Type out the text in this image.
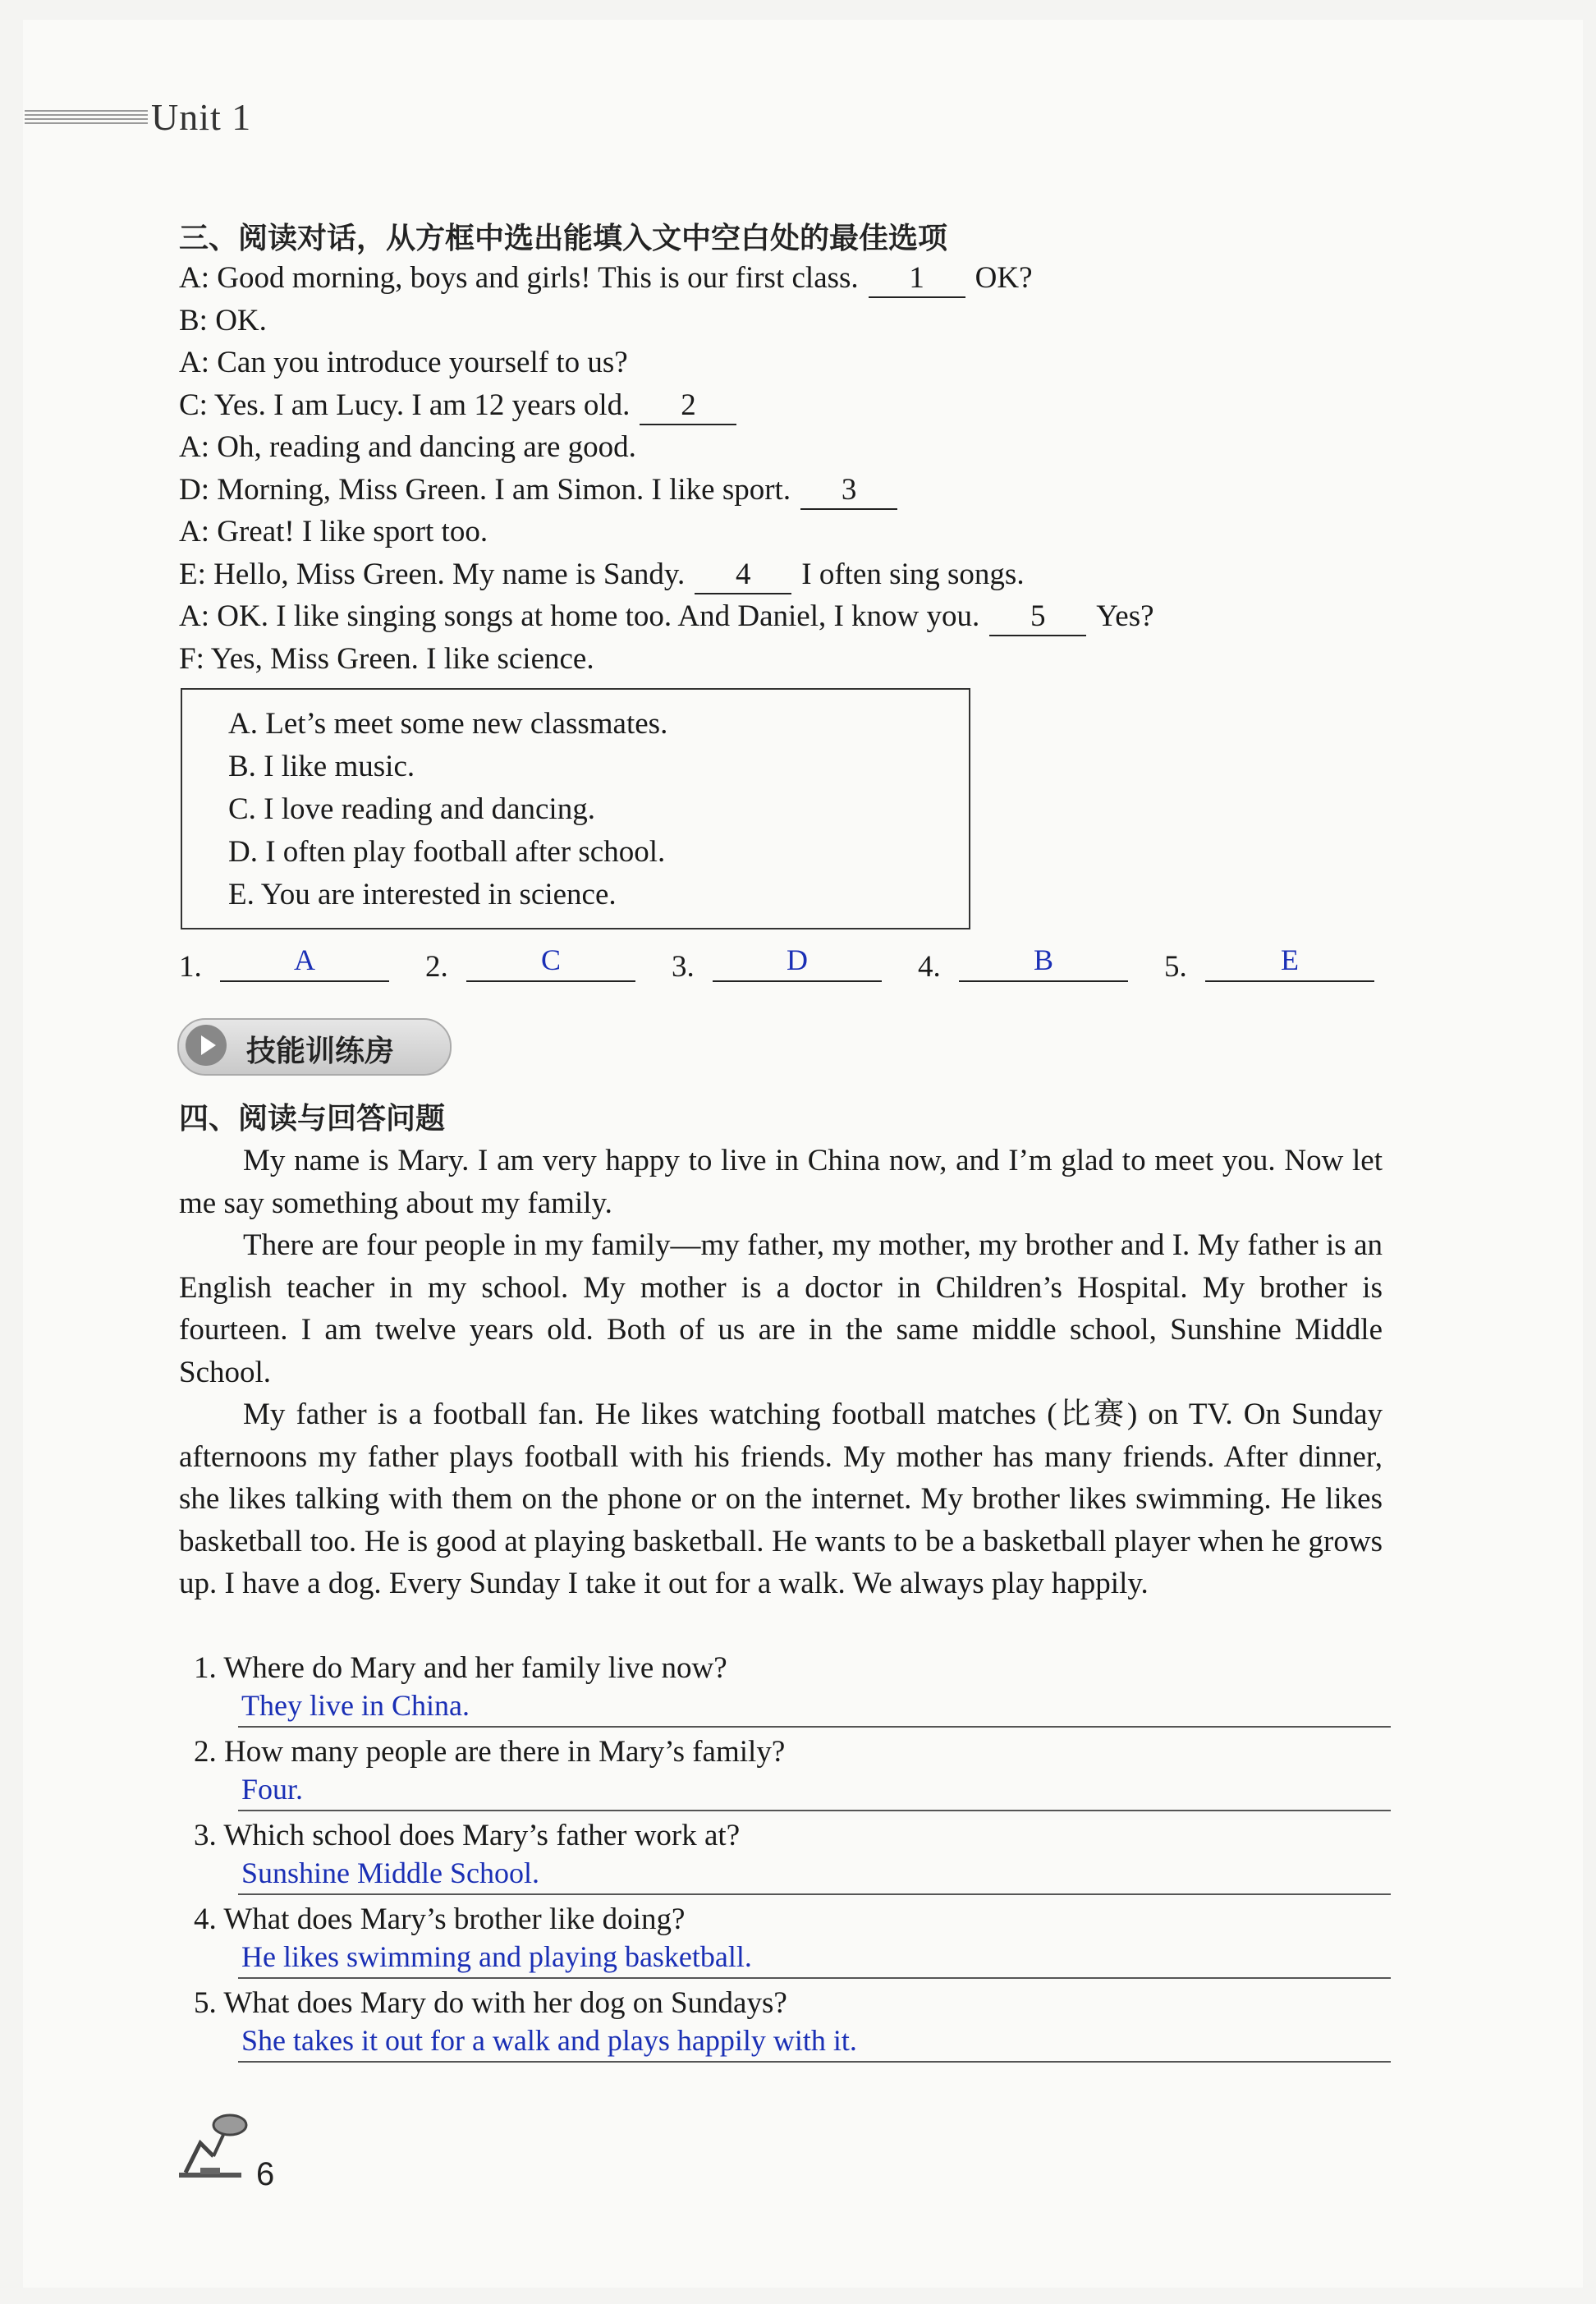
Unit 1
三、阅读对话，从方框中选出能填入文中空白处的最佳选项
A: Good morning, boys and girls! This is our first class. 1 OK?
B: OK.
A: Can you introduce yourself to us?
C: Yes. I am Lucy. I am 12 years old. 2
A: Oh, reading and dancing are good.
D: Morning, Miss Green. I am Simon. I like sport. 3
A: Great! I like sport too.
E: Hello, Miss Green. My name is Sandy. 4 I often sing songs.
A: OK. I like singing songs at home too. And Daniel, I know you. 5 Yes?
F: Yes, Miss Green. I like science.
A. Let’s meet some new classmates.
B. I like music.
C. I love reading and dancing.
D. I often play football after school.
E. You are interested in science.
1.	A	2.	C	3.	D	4.	B	5.	E
技能训练房
四、阅读与回答问题

My name is Mary. I am very happy to live in China now, and I’m glad to meet you. Now let me say something about my family.

There are four people in my family—my father, my mother, my brother and I. My father is an English teacher in my school. My mother is a doctor in Children’s Hospital. My brother is fourteen. I am twelve years old. Both of us are in the same middle school, Sunshine Middle School.

My father is a football fan. He likes watching football matches (比赛) on TV. On Sunday afternoons my father plays football with his friends. My mother has many friends. After dinner, she likes talking with them on the phone or on the internet. My brother likes swimming. He likes basketball too. He is good at playing basketball. He wants to be a basketball player when he grows up. I have a dog. Every Sunday I take it out for a walk. We always play happily.

1. Where do Mary and her family live now?
They live in China.
2. How many people are there in Mary’s family?
Four.
3. Which school does Mary’s father work at?
Sunshine Middle School.
4. What does Mary’s brother like doing?
He likes swimming and playing basketball.
5. What does Mary do with her dog on Sundays?
She takes it out for a walk and plays happily with it.
6
